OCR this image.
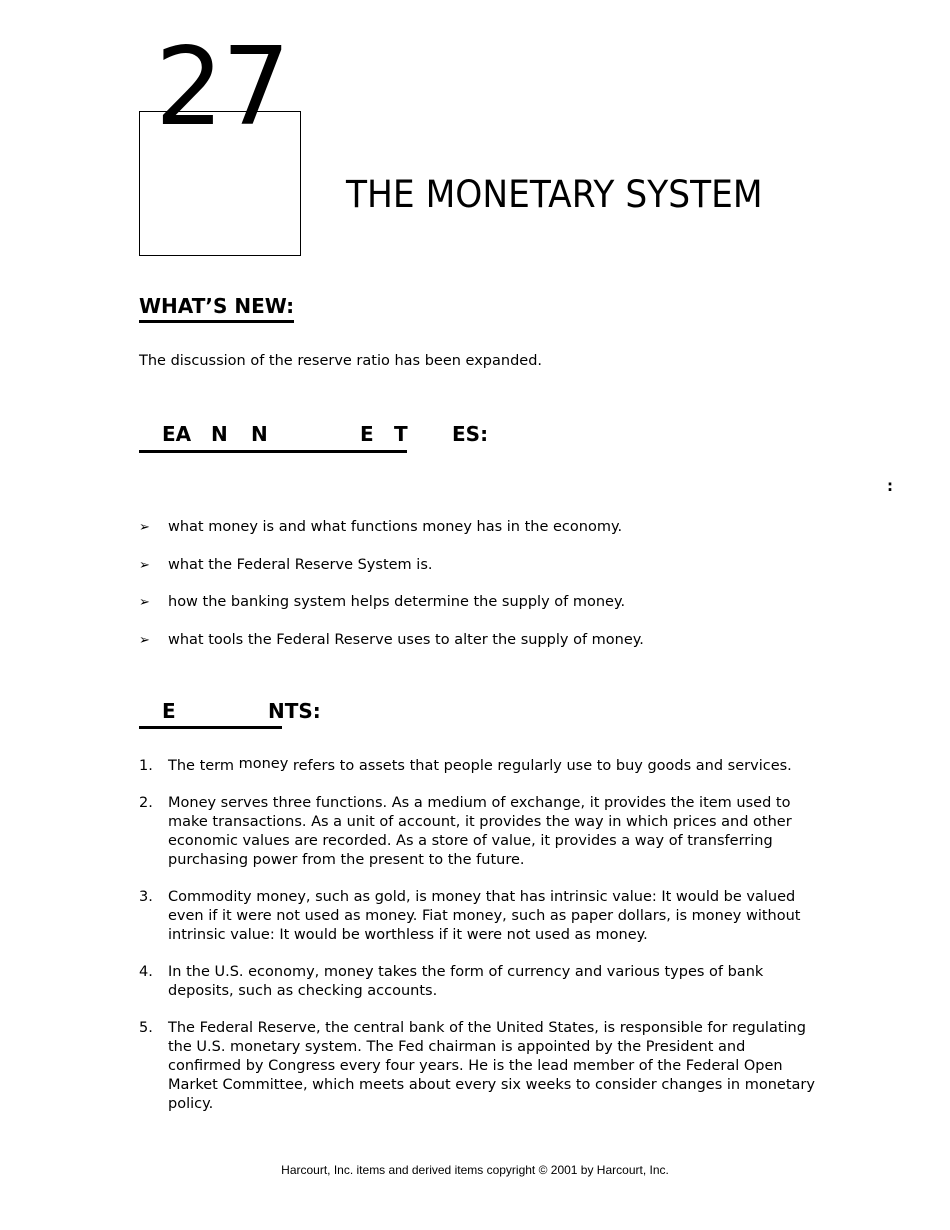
27
THE MONETARY SYSTEM
WHAT’S NEW:
The discussion of the reserve ratio has been expanded.
EA N N	E T ES:
:
➢	what money is and what functions money has in the economy.
➢	what the Federal Reserve System is.
➢	how the banking system helps determine the supply of money.
➢	what tools the Federal Reserve uses to alter the supply of money.
E	NTS:
1. The term money refers to assets that people regularly use to buy goods and services.
2. Money serves three functions. As a medium of exchange, it provides the item used to make transactions. As a unit of account, it provides the way in which prices and other economic values are recorded. As a store of value, it provides a way of transferring purchasing power from the present to the future.
3. Commodity money, such as gold, is money that has intrinsic value: It would be valued even if it were not used as money. Fiat money, such as paper dollars, is money without intrinsic value: It would be worthless if it were not used as money.
4. In the U.S. economy, money takes the form of currency and various types of bank deposits, such as checking accounts.
5. The Federal Reserve, the central bank of the United States, is responsible for regulating the U.S. monetary system. The Fed chairman is appointed by the President and confirmed by Congress every four years. He is the lead member of the Federal Open Market Committee, which meets about every six weeks to consider changes in monetary policy.
Harcourt, Inc. items and derived items copyright © 2001 by Harcourt, Inc.
